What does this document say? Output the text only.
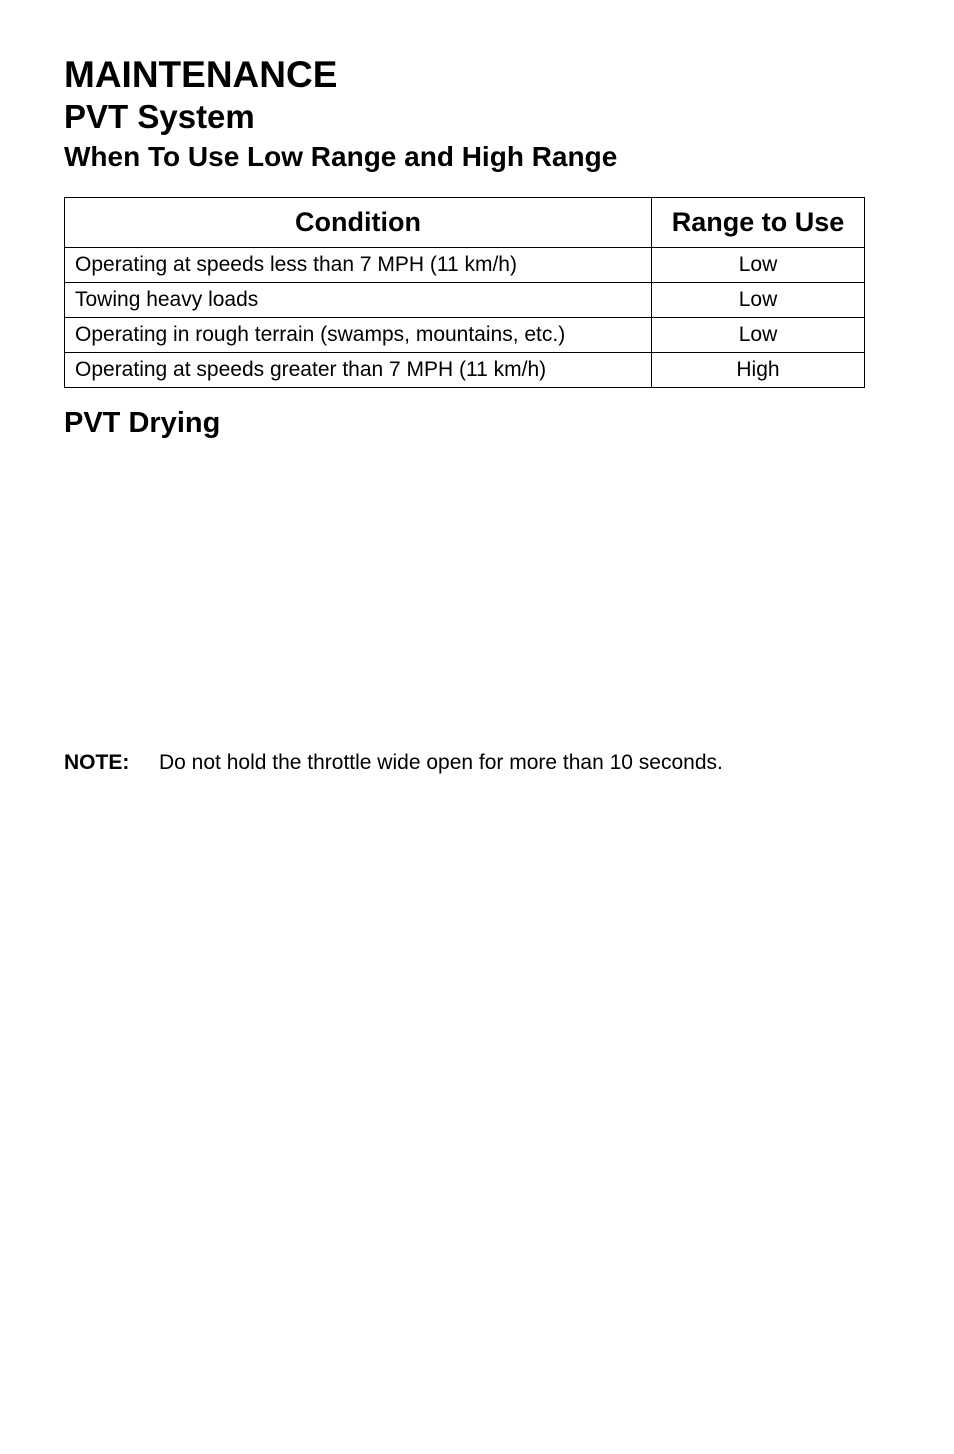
MAINTENANCE
PVT System
When To Use Low Range and High Range
Condition	Range to Use
Operating at speeds less than 7 MPH (11 km/h)	Low
Towing heavy loads	Low
Operating in rough terrain (swamps, mountains, etc.)	Low
Operating at speeds greater than 7 MPH (11 km/h)	High
PVT Drying
NOTE: Do not hold the throttle wide open for more than 10 seconds.
